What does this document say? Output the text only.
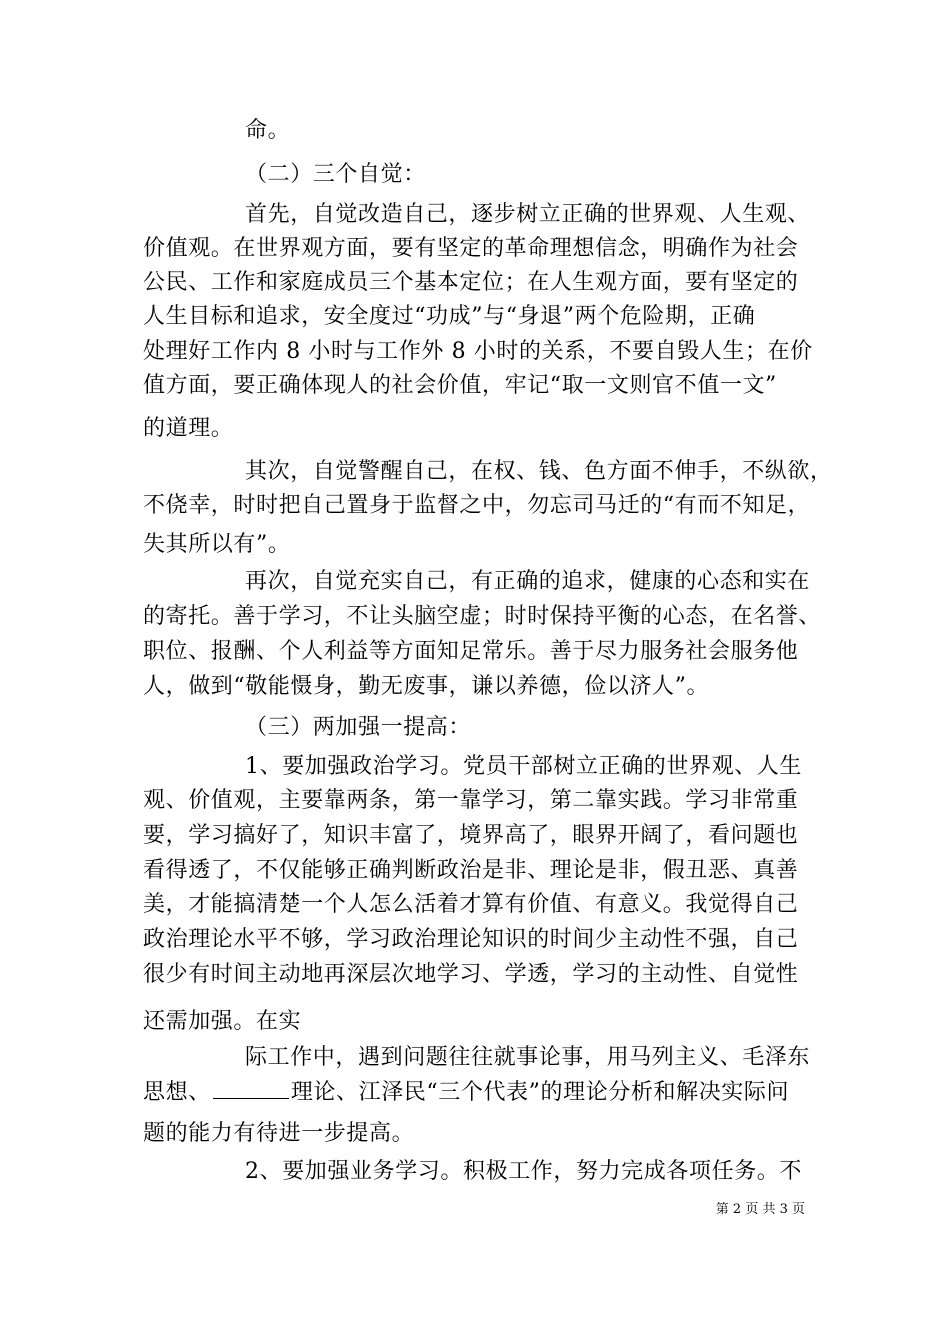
命。
（二）三个自觉：
首先，自觉改造自己，逐步树立正确的世界观、人生观、
价值观。在世界观方面，要有坚定的革命理想信念，明确作为社会
公民、工作和家庭成员三个基本定位；在人生观方面，要有坚定的
人生目标和追求，安全度过“功成”与“身退”两个危险期，正确
处理好工作内 8 小时与工作外 8 小时的关系，不要自毁人生；在价
值方面，要正确体现人的社会价值，牢记“取一文则官不值一文”
的道理。
其次，自觉警醒自己，在权、钱、色方面不伸手，不纵欲，
不侥幸，时时把自己置身于监督之中，勿忘司马迁的“有而不知足，
失其所以有”。
再次，自觉充实自己，有正确的追求，健康的心态和实在
的寄托。善于学习，不让头脑空虚；时时保持平衡的心态，在名誉、
职位、报酬、个人利益等方面知足常乐。善于尽力服务社会服务他
人，做到“敬能慑身，勤无废事，谦以养德，俭以济人”。
（三）两加强一提高：
1、要加强政治学习。党员干部树立正确的世界观、人生
观、价值观，主要靠两条，第一靠学习，第二靠实践。学习非常重
要，学习搞好了，知识丰富了，境界高了，眼界开阔了，看问题也
看得透了，不仅能够正确判断政治是非、理论是非，假丑恶、真善
美，才能搞清楚一个人怎么活着才算有价值、有意义。我觉得自己
政治理论水平不够，学习政治理论知识的时间少主动性不强，自己
很少有时间主动地再深层次地学习、学透，学习的主动性、自觉性
还需加强。在实
际工作中，遇到问题往往就事论事，用马列主义、毛泽东
思想、	理论、江泽民“三个代表”的理论分析和解决实际问
题的能力有待进一步提高。
2、要加强业务学习。积极工作，努力完成各项任务。不
第 2 页 共 3 页
